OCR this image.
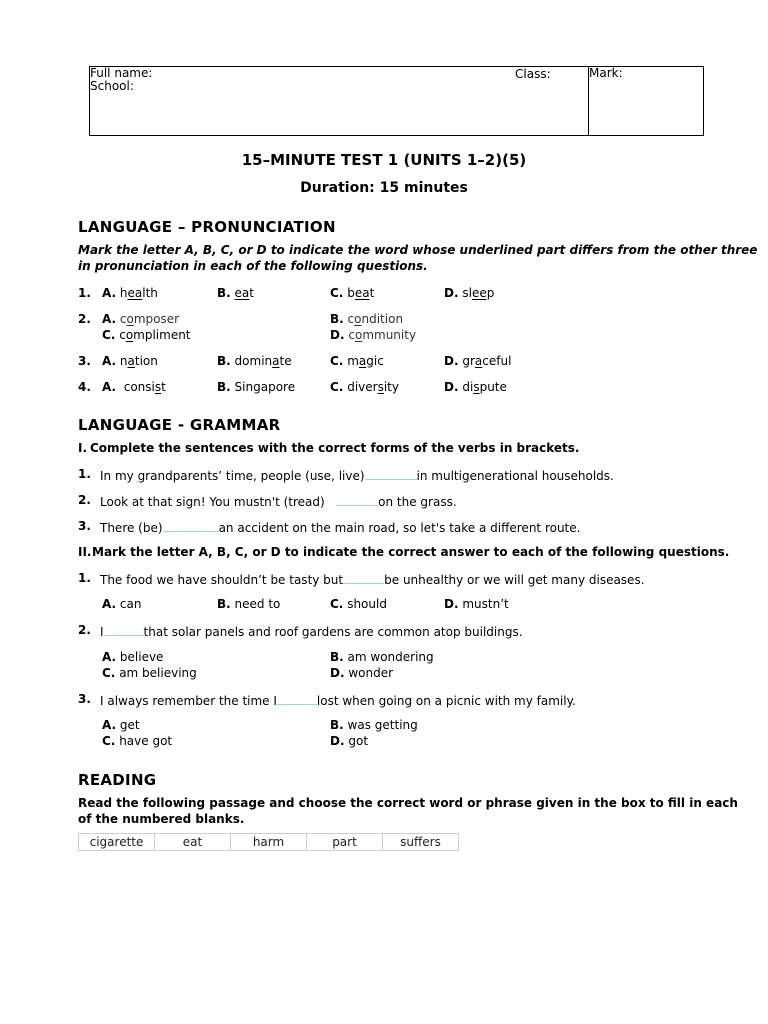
Full name:
School:
Class:	Mark:
15–MINUTE TEST 1 (UNITS 1–2)(5)
Duration: 15 minutes
LANGUAGE – PRONUNCIATION
Mark the letter A, B, C, or D to indicate the word whose underlined part differs from the other three
in pronunciation in each of the following questions.
1. A. health	B. eat	C. beat	D. sleep
2. A. composer	B. condition
C. compliment	D. community
3. A. nation	B. dominate	C. magic	D. graceful
4. A. consist	B. Singapore	C. diversity	D. dispute
LANGUAGE - GRAMMAR
I. Complete the sentences with the correct forms of the verbs in brackets.
1. In my grandparents’ time, people (use, live)	in multigenerational households.
2. Look at that sign! You mustn't (tread)	on the grass.
3. There (be)	an accident on the main road, so let's take a different route.
II. Mark the letter A, B, C, or D to indicate the correct answer to each of the following questions.
1. The food we have shouldn’t be tasty but	be unhealthy or we will get many diseases.
A. can	B. need to	C. should	D. mustn’t
2. I	that solar panels and roof gardens are common atop buildings.
A. believe	B. am wondering
C. am believing	D. wonder
3. I always remember the time I	lost when going on a picnic with my family.
A. get	B. was getting
C. have got	D. got
READING
Read the following passage and choose the correct word or phrase given in the box to fill in each
of the numbered blanks.
cigarette	eat	harm	part	suffers
